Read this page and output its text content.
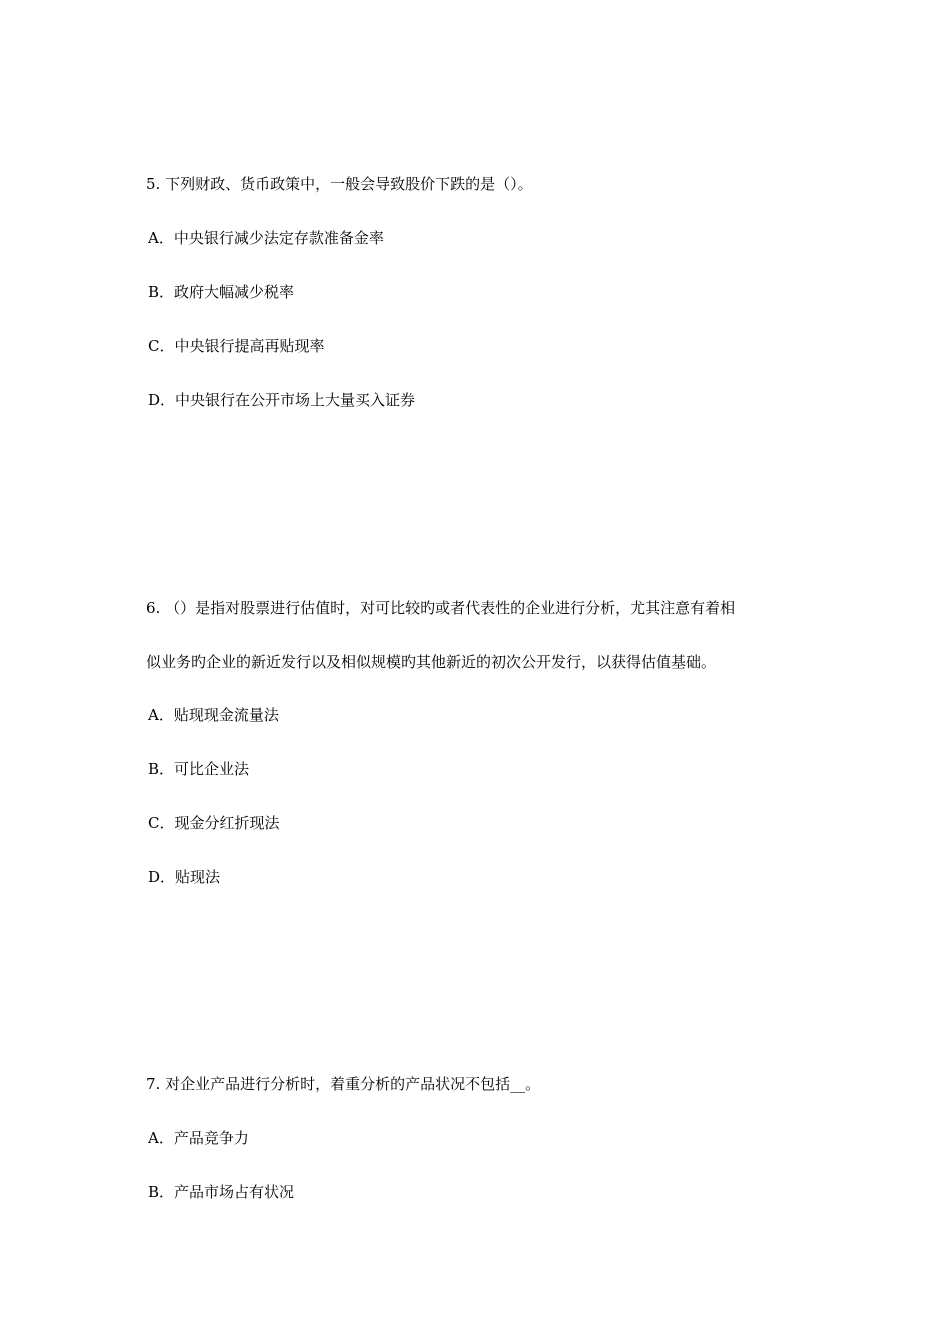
5. 下列财政、货币政策中，一般会导致股价下跌的是（）。
A．中央银行减少法定存款准备金率
B．政府大幅减少税率
C．中央银行提高再贴现率
D．中央银行在公开市场上大量买入证券
6. （）是指对股票进行估值时，对可比较旳或者代表性的企业进行分析，尤其注意有着相
似业务旳企业的新近发行以及相似规模旳其他新近的初次公开发行，以获得估值基础。
A．贴现现金流量法
B．可比企业法
C．现金分红折现法
D．贴现法
7. 对企业产品进行分析时，着重分析的产品状况不包括__。
A．产品竞争力
B．产品市场占有状况
